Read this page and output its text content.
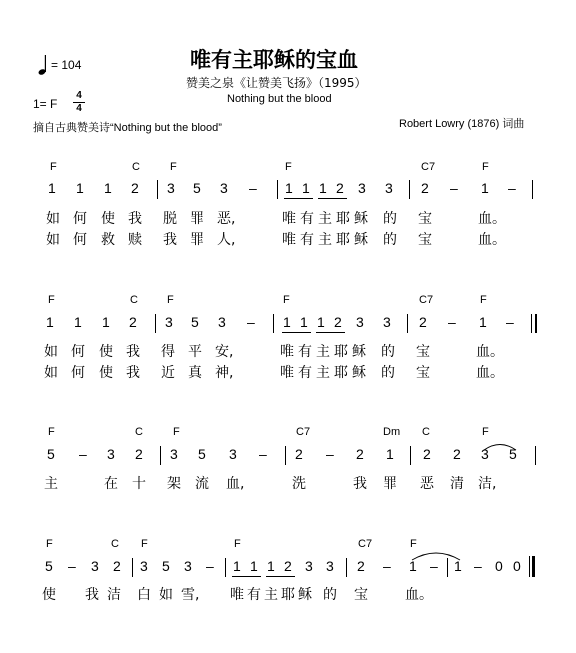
= 104	唯有主耶稣的宝血
赞美之泉《让赞美飞扬》（1995）
Nothing but the blood
1= F
4
4
摘自古典赞美诗“Nothing but the blood”	Robert Lowry (1876) 词曲
F	C	F	F	C7	F
1 1 1 2 3 5 3 – 1 1 1 2 3 3 2 – 1 –
如 何 使 我 脱 罪 恶,	唯 有 主 耶 稣 的 宝	血。
如 何 救 赎 我 罪 人,	唯 有 主 耶 稣 的 宝	血。
F	C	F	F	C7	F
1 1 1 2 3 5 3 – 1 1 1 2 3 3 2 – 1 –
如 何 使 我 得 平 安,	唯 有 主 耶 稣 的 宝	血。
如 何 使 我 近 真 神,	唯 有 主 耶 稣 的 宝	血。
F	C	F	C7	Dm C	F
5 – 3 2 3 5 3 – 2 – 2 1 2 2 3 5
主	在 十 架 流 血,	洗	我 罪 恶 清 洁,
F	C F	F	C7	F
5 – 3 2 3 5 3 – 1 1 1 2 3 3 2 – 1 – 1 – 0 0
使 我 洁 白 如 雪, 唯 有 主 耶 稣 的 宝	血。
